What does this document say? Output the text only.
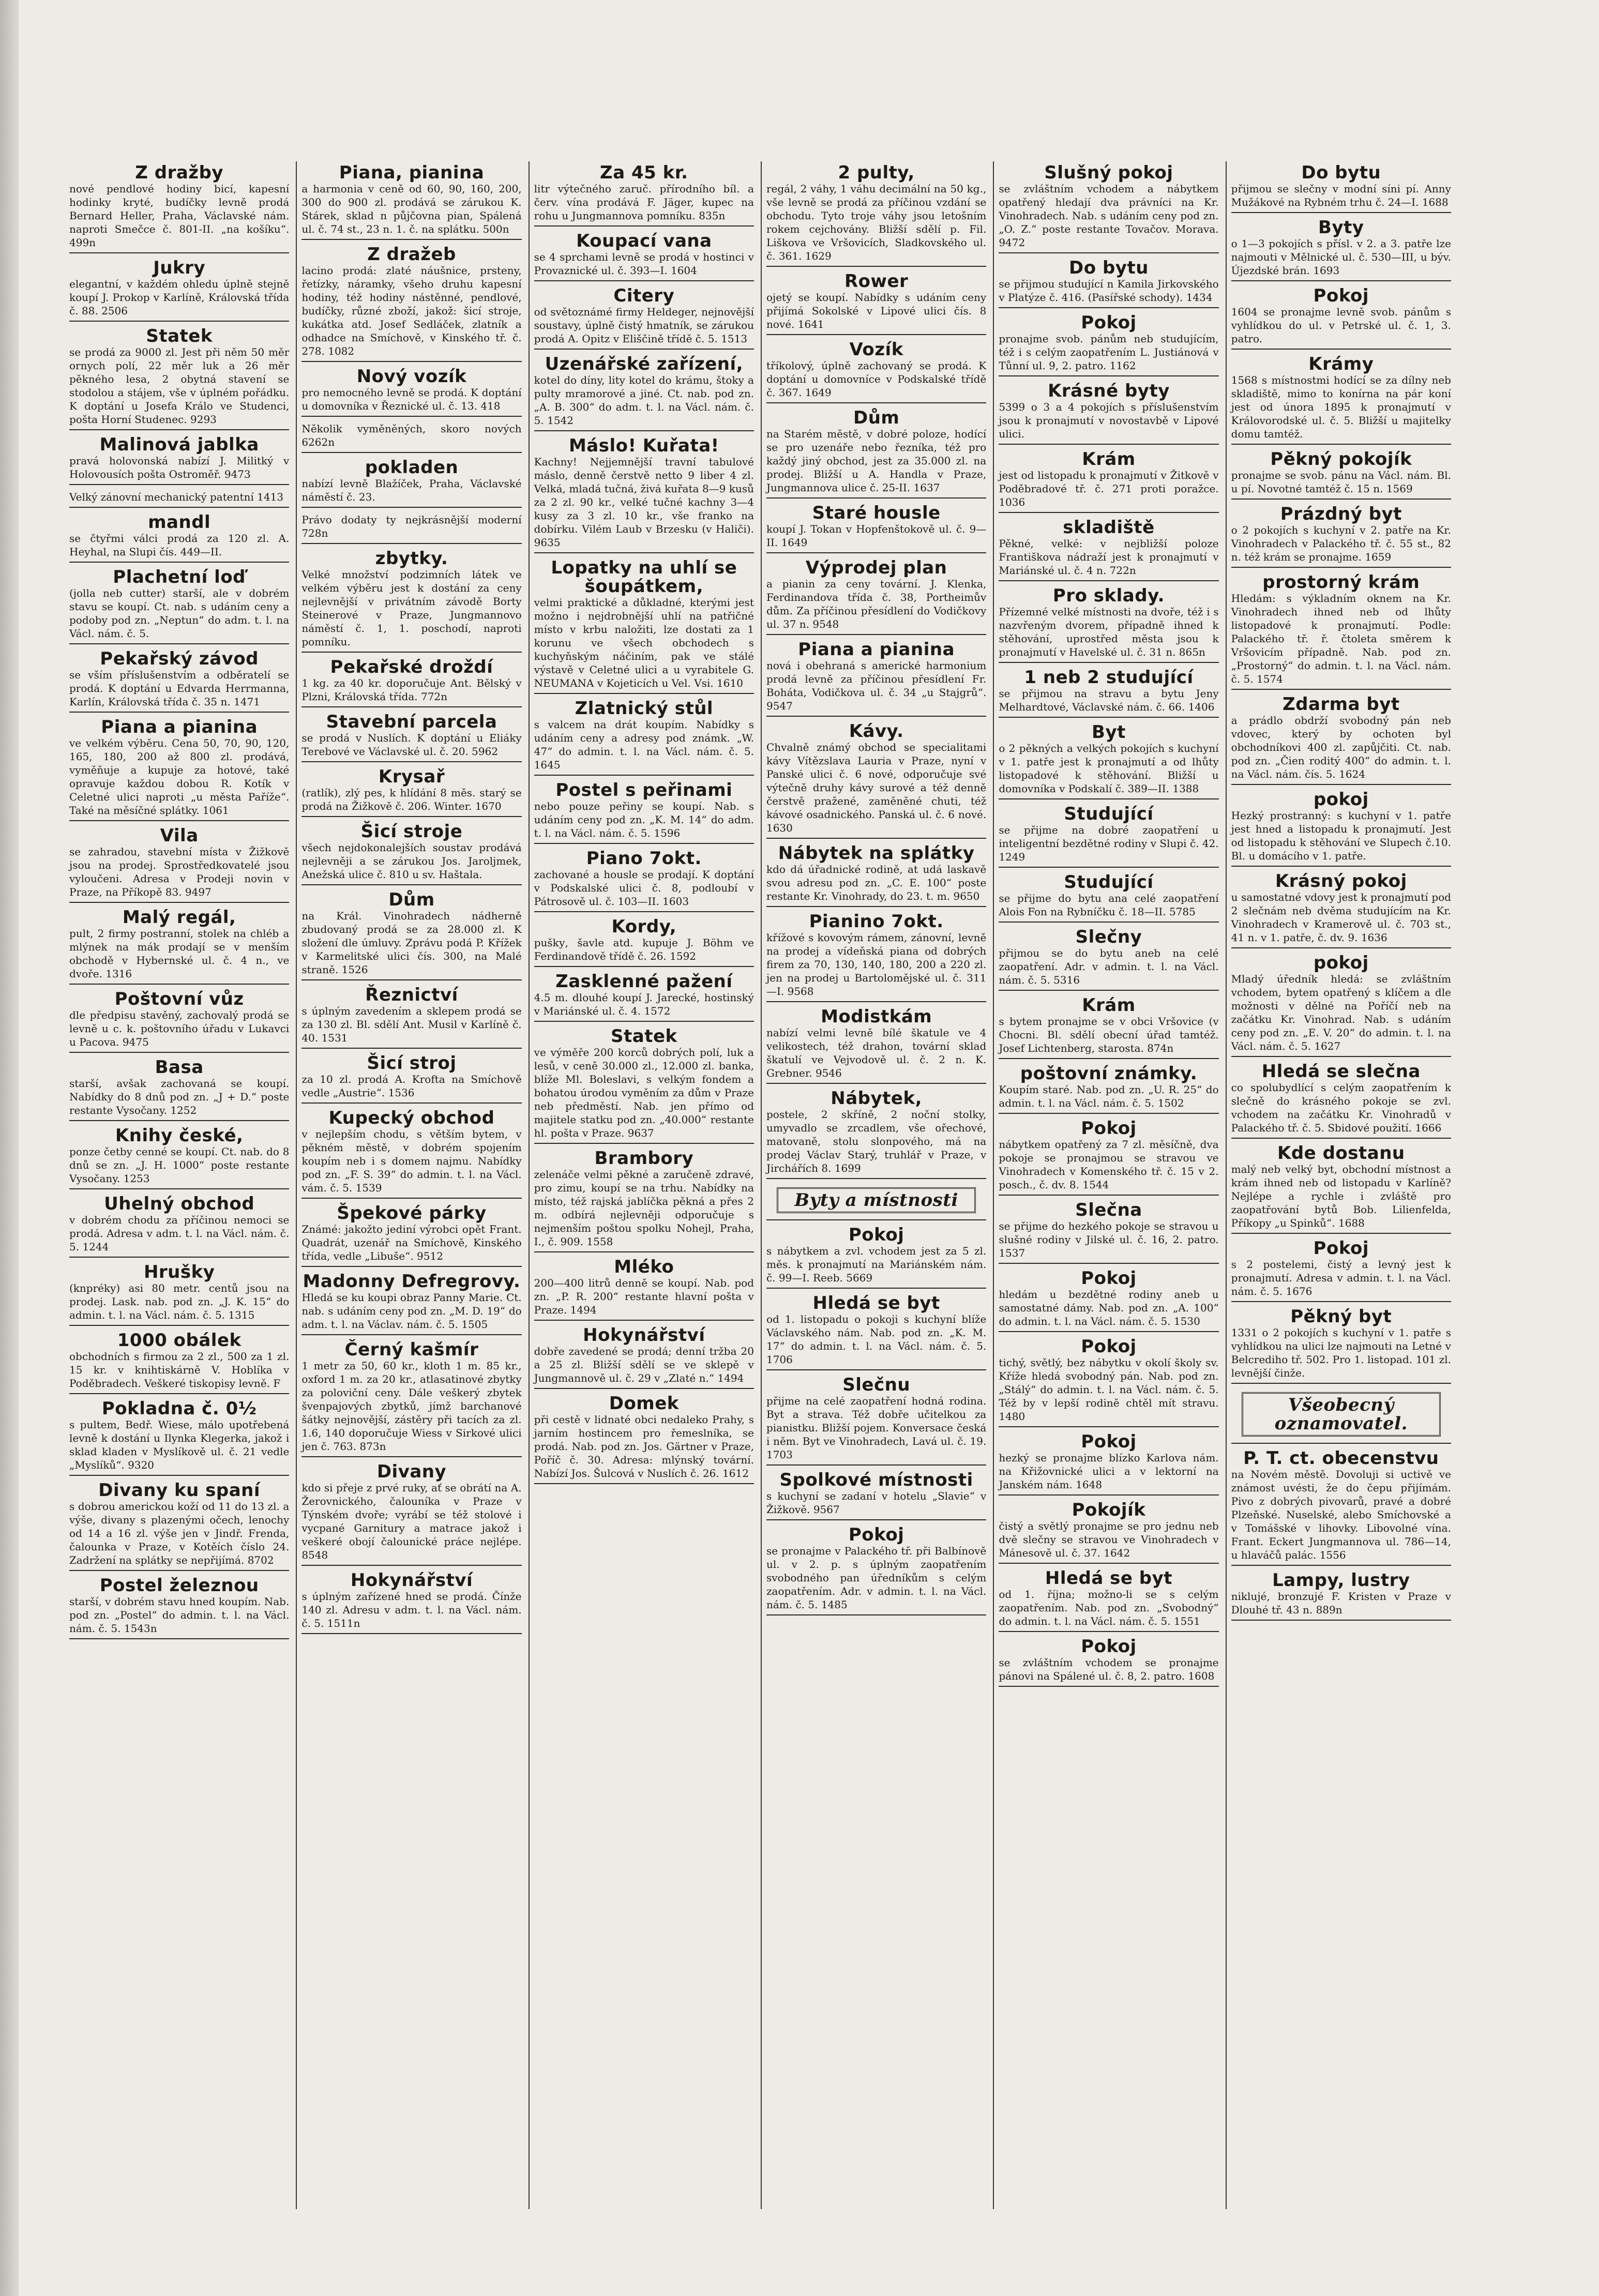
Z dražby

nové pendlové hodiny bicí, kapesní hodinky kryté, budíčky levně prodá Bernard Heller, Praha, Václavské nám. naproti Smečce č. 801-II. „na košíku“. 499n

Jukry

elegantní, v každém ohledu úplně stejně koupí J. Prokop v Karlíně, Královská třída č. 88. 2506

Statek

se prodá za 9000 zl. Jest při něm 50 měr ornych polí, 22 měr luk a 26 měr pěkného lesa, 2 obytná stavení se stodolou a stájem, vše v úplném pořádku. K doptání u Josefa Králo ve Studenci, pošta Horní Studenec. 9293

Malinová jablka

pravá holovonská nabízí J. Militký v Holovousích pošta Ostroměř. 9473

Velký zánovní mechanický patentní 1413

mandl

se čtyřmi válci prodá za 120 zl. A. Heyhal, na Slupi čís. 449—II.

Plachetní loď

(jolla neb cutter) starší, ale v dobrém stavu se koupí. Ct. nab. s udáním ceny a podoby pod zn. „Neptun“ do adm. t. l. na Václ. nám. č. 5.

Pekařský závod

se vším příslušenstvím a odběratelí se prodá. K doptání u Edvarda Herrmanna, Karlín, Královská třída č. 35 n. 1471

Piana a pianina

ve velkém výběru. Cena 50, 70, 90, 120, 165, 180, 200 až 800 zl. prodává, vyměňuje a kupuje za hotové, také opravuje každou dobou R. Kotík v Celetné ulici naproti „u města Paříže“. Také na měsíčné splátky. 1061

Vila

se zahradou, stavební místa v Žižkově jsou na prodej. Sprostředkovatelé jsou vyloučeni. Adresa v Prodeji novin v Praze, na Příkopě 83. 9497

Malý regál,

pult, 2 firmy postranní, stolek na chléb a mlýnek na mák prodají se v menším obchodě v Hybernské ul. č. 4 n., ve dvoře. 1316

Poštovní vůz

dle předpisu stavěný, zachovalý prodá se levně u c. k. poštovního úřadu v Lukavci u Pacova. 9475

Basa

starší, avšak zachovaná se koupí. Nabídky do 8 dnů pod zn. „J + D.“ poste restante Vysočany. 1252

Knihy české,

ponze četby cenné se koupí. Ct. nab. do 8 dnů se zn. „J. H. 1000“ poste restante Vysočany. 1253

Uhelný obchod

v dobrém chodu za příčinou nemoci se prodá. Adresa v adm. t. l. na Václ. nám. č. 5. 1244

Hrušky

(knpréky) asi 80 metr. centů jsou na prodej. Lask. nab. pod zn. „J. K. 15“ do admin. t. l. na Václ. nám. č. 5. 1315

1000 obálek

obchodních s firmou za 2 zl., 500 za 1 zl. 15 kr. v knihtiskárně V. Hoblíka v Poděbradech. Veškeré tiskopisy levně. F

Pokladna č. 0½

s pultem, Bedř. Wiese, málo upotřebená levně k dostání u Ilynka Klegerka, jakož i sklad kladen v Myslíkově ul. č. 21 vedle „Myslíků“. 9320

Divany ku spaní

s dobrou americkou koží od 11 do 13 zl. a výše, divany s plazenými očech, lenochy od 14 a 16 zl. výše jen v Jindř. Frenda, čalounka v Praze, v Kotěích číslo 24. Zadržení na splátky se nepřijímá. 8702

Postel železnou

starší, v dobrém stavu hned koupím. Nab. pod zn. „Postel“ do admin. t. l. na Václ. nám. č. 5. 1543n

Piana, pianina

a harmonia v ceně od 60, 90, 160, 200, 300 do 900 zl. prodává se zárukou K. Stárek, sklad n půjčovna pian, Spálená ul. č. 74 st., 23 n. 1. č. na splátku. 500n

Z dražeb

lacino prodá: zlaté náušnice, prsteny, řetízky, náramky, všeho druhu kapesní hodiny, též hodiny nástěnné, pendlové, budíčky, různé zboží, jakož: šicí stroje, kukátka atd. Josef Sedláček, zlatník a odhadce na Smíchově, v Kinského tř. č. 278. 1082

Nový vozík

pro nemocného levně se prodá. K doptání u domovníka v Řeznické ul. č. 13. 418

Několik vyměněných, skoro nových 6262n

pokladen

nabízí levně Blažíček, Praha, Václavské náměstí č. 23.

Právo dodaty ty nejkrásnější moderní 728n

zbytky.

Velké množství podzimních látek ve velkém výběru jest k dostání za ceny nejlevnější v privátním závodě Borty Steinerové v Praze, Jungmannovo náměstí č. 1, 1. poschodí, naproti pomníku.

Pekařské droždí

1 kg. za 40 kr. doporučuje Ant. Bělský v Plzni, Královská třída. 772n

Stavební parcela

se prodá v Nuslích. K doptání u Eliáky Terebové ve Václavské ul. č. 20. 5962

Krysař

(ratlík), zlý pes, k hlídání 8 měs. starý se prodá na Žižkově č. 206. Winter. 1670

Šicí stroje

všech nejdokonalejších soustav prodává nejlevněji a se zárukou Jos. Jaroljmek, Anežská ulice č. 810 u sv. Haštala.

Dům

na Král. Vinohradech nádherně zbudovaný prodá se za 28.000 zl. K složení dle úmluvy. Zprávu podá P. Křížek v Karmelitské ulici čís. 300, na Malé straně. 1526

Řeznictví

s úplným zavedením a sklepem prodá se za 130 zl. Bl. sdělí Ant. Musil v Karlíně č. 40. 1531

Šicí stroj

za 10 zl. prodá A. Krofta na Smíchově vedle „Austrie“. 1536

Kupecký obchod

v nejlepším chodu, s větším bytem, v pěkném městě, v dobrém spojením koupím neb i s domem najmu. Nabídky pod zn. „F. S. 39“ do admin. t. l. na Václ. vám. č. 5. 1539

Špekové párky

Známé: jakožto jediní výrobci opět Frant. Quadrát, uzenář na Smíchově, Kinského třída, vedle „Libuše“. 9512

Madonny Defregrovy.

Hledá se ku koupi obraz Panny Marie. Ct. nab. s udáním ceny pod zn. „M. D. 19“ do adm. t. l. na Václav. nám. č. 5. 1505

Černý kašmír

1 metr za 50, 60 kr., kloth 1 m. 85 kr., oxford 1 m. za 20 kr., atlasatinové zbytky za poloviční ceny. Dále veškerý zbytek švenpajových zbytků, jímž barchanové šátky nejnovější, zástěry při tacích za zl. 1.6, 140 doporučuje Wiess v Sirkové ulici jen č. 763. 873n

Divany

kdo si přeje z prvé ruky, ať se obrátí na A. Žerovnického, čalouníka v Praze v Týnském dvoře; vyrábí se též stolové i vycpané Garnitury a matrace jakož i veškeré obojí čalounické práce nejlépe. 8548

Hokynářství

s úplným zařízené hned se prodá. Čínže 140 zl. Adresu v adm. t. l. na Václ. nám. č. 5. 1511n

Za 45 kr.

litr výtečného zaruč. přírodního bíl. a červ. vína prodává F. Jäger, kupec na rohu u Jungmannova pomníku. 835n

Koupací vana

se 4 sprchami levně se prodá v hostinci v Provaznické ul. č. 393—I. 1604

Citery

od světoznámé firmy Heldeger, nejnovější soustavy, úplně čistý hmatník, se zárukou prodá A. Opitz v Eliščině třídě č. 5. 1513

Uzenářské zařízení,

kotel do díny, lity kotel do krámu, štoky a pulty mramorové a jiné. Ct. nab. pod zn. „A. B. 300“ do adm. t. l. na Václ. nám. č. 5. 1542

Máslo! Kuřata!

Kachny! Nejjemnější travní tabulové máslo, denně čerstvě netto 9 liber 4 zl. Velká, mladá tučná, živá kuřata 8—9 kusů za 2 zl. 90 kr., velké tučné kachny 3—4 kusy za 3 zl. 10 kr., vše franko na dobírku. Vilém Laub v Brzesku (v Haliči). 9635

Lopatky na uhlí se šoupátkem,

velmi praktické a důkladné, kterými jest možno i nejdrobnější uhlí na patřičné místo v krbu naložiti, lze dostati za 1 korunu ve všech obchodech s kuchyňským náčiním, pak ve stálé výstavě v Celetné ulici a u vyrabitele G. NEUMANA v Kojeticích u Vel. Vsi. 1610

Zlatnický stůl

s valcem na drát koupím. Nabídky s udáním ceny a adresy pod známk. „W. 47“ do admin. t. l. na Václ. nám. č. 5. 1645

Postel s peřinami

nebo pouze peřiny se koupí. Nab. s udáním ceny pod zn. „K. M. 14“ do adm. t. l. na Václ. nám. č. 5. 1596

Piano 7okt.

zachované a housle se prodají. K doptání v Podskalské ulici č. 8, podloubí v Pátrosově ul. č. 103—II. 1603

Kordy,

puškу, šavle atd. kupuje J. Böhm ve Ferdinandově třídě č. 26. 1592

Zasklenné pažení

4.5 m. dlouhé koupí J. Jarecké, hostinský v Mariánské ul. č. 4. 1572

Statek

ve výměře 200 korců dobrých polí, luk a lesů, v ceně 30.000 zl., 12.000 zl. banka, blíže Ml. Boleslavi, s velkým fondem a bohatou úrodou vyměním za dům v Praze neb předměstí. Nab. jen přímo od majitele statku pod zn. „40.000“ restante hl. pošta v Praze. 9637

Brambory

zelenáče velmi pěkné a zaručeně zdravé, pro zimu, koupí se na trhu. Nabídky na místo, též rajská jablíčka pěkná a přes 2 m. odbírá nejlevněji odporučuje s nejmenším poštou spolku Nohejl, Praha, I., č. 909. 1558

Mléko

200—400 litrů denně se koupí. Nab. pod zn. „P. R. 200“ restante hlavní pošta v Praze. 1494

Hokynářství

dobře zavedené se prodá; denní tržba 20 a 25 zl. Bližší sdělí se ve sklepě v Jungmannově ul. č. 29 v „Zlaté n.“ 1494

Domek

při cestě v lidnaté obci nedaleko Prahy, s jarním hostincem pro řemeslníka, se prodá. Nab. pod zn. Jos. Gärtner v Praze, Poříč č. 30. Adresa: mlýnský tovární. Nabízí Jos. Šulcová v Nuslích č. 26. 1612

2 pulty,

regál, 2 váhy, 1 váhu decimální na 50 kg., vše levně se prodá za příčinou vzdání se obchodu. Tyto troje váhy jsou letošním rokem cejchovány. Bližší sdělí p. Fil. Liškova ve Vršovicích, Sladkovského ul. č. 361. 1629

Rower

ojetý se koupí. Nabídky s udáním ceny přijímá Sokolské v Lipové ulici čís. 8 nové. 1641

Vozík

tříkolový, úplně zachovaný se prodá. K doptání u domovníce v Podskalské třídě č. 367. 1649

Dům

na Starém městě, v dobré poloze, hodící se pro uzenáře nebo řezníka, též pro každý jiný obchod, jest za 35.000 zl. na prodej. Bližší u A. Handla v Praze, Jungmannova ulice č. 25-II. 1637

Staré housle

koupí J. Tokan v Hopfenštokově ul. č. 9—II. 1649

Výprodej plan

a pianin za ceny tovární. J. Klenka, Ferdinandova třída č. 38, Portheimův dům. Za příčinou přesídlení do Vodičkovy ul. 37 n. 9548

Piana a pianina

nová i obehraná s americké harmonium prodá levně za příčinou přesídlení Fr. Boháta, Vodičkova ul. č. 34 „u Stajgrů“. 9547

Kávy.

Chvalně známý obchod se specialitami kávy Vítězslava Lauria v Praze, nyní v Panské ulici č. 6 nové, odporučuje své výtečně druhy kávy surové a též denně čerstvě pražené, zaměněné chuti, též kávové osadnického. Panská ul. č. 6 nové. 1630

Nábytek na splátky

kdo dá úřadnické rodině, at udá laskavě svou adresu pod zn. „C. E. 100“ poste restante Kr. Vinohrady, do 23. t. m. 9650

Pianino 7okt.

křížové s kovovým rámem, zánovní, levně na prodej a vídeňská piana od dobrých firem za 70, 130, 140, 180, 200 a 220 zl. jen na prodej u Bartolomějské ul. č. 311—I. 9568

Modistkám

nabízí velmi levně bílé škatule ve 4 velikostech, též drahon, tovární sklad škatulí ve Vejvodově ul. č. 2 n. K. Grebner. 9546

Nábytek,

postele, 2 skříně, 2 noční stolky, umyvadlo se zrcadlem, vše ořechové, matovaně, stolu slonpového, má na prodej Václav Starý, truhlář v Praze, v Jirchářích 8. 1699

Byty a místnosti
Pokoj

s nábytkem a zvl. vchodem jest za 5 zl. měs. k pronajmutí na Mariánském nám. č. 99—I. Reeb. 5669

Hledá se byt

od 1. listopadu o pokoji s kuchyní blíže Václavského nám. Nab. pod zn. „K. M. 17“ do admin. t. l. na Václ. nám. č. 5. 1706

Slečnu

přijme na celé zaopatření hodná rodina. Byt a strava. Též dobře učitelkou za pianistku. Bližší pojem. Konversace česká i něm. Byt ve Vinohradech, Lavá ul. č. 19. 1703

Spolkové místnosti

s kuchyní se zadaní v hotelu „Slavie“ v Žižkově. 9567

Pokoj

se pronajme v Palackého tř. při Balbínově ul. v 2. p. s úplným zaopatřením svobodného pan úředníkům s celým zaopatřením. Adr. v admin. t. l. na Václ. nám. č. 5. 1485

Slušný pokoj

se zvláštním vchodem a nábytkem opatřený hledají dva právníci na Kr. Vinohradech. Nab. s udáním ceny pod zn. „O. Z.“ poste restante Tovačov. Morava. 9472

Do bytu

se přijmou studující n Kamila Jirkovského v Platýze č. 416. (Pasířské schody). 1434

Pokoj

pronajme svob. pánům neb studujícím, též i s celým zaopatřením L. Justiánová v Tůnní ul. 9, 2. patro. 1162

Krásné byty

5399 o 3 a 4 pokojích s příslušenstvím jsou k pronajmutí v novostavbě v Lipové ulici.

Krám

jest od listopadu k pronajmutí v Žitkově v Poděbradové tř. č. 271 proti poražce. 1036

skladiště

Pěkné, velké: v nejbližší poloze Františkova nádraží jest k pronajmutí v Mariánské ul. č. 4 n. 722n

Pro sklady.

Přízemné velké místnosti na dvoře, též i s nazvřeným dvorem, případně ihned k stěhování, uprostřed města jsou k pronajmutí v Havelské ul. č. 31 n. 865n

1 neb 2 studující

se přijmou na stravu a bytu Jeny Melhardtové, Václavské nám. č. 66. 1406

Byt

o 2 pěkných a velkých pokojích s kuchyní v 1. patře jest k pronajmutí a od lhůty listopadové k stěhování. Bližší u domovníka v Podskalí č. 389—II. 1388

Studující

se přijme na dobré zaopatření u inteligentní bezdětné rodiny v Slupi č. 42. 1249

Studující

se přijme do bytu ana celé zaopatření Alois Fon na Rybníčku č. 18—II. 5785

Slečny

přijmou se do bytu aneb na celé zaopatření. Adr. v admin. t. l. na Václ. nám. č. 5. 5316

Krám

s bytem pronajme se v obci Vršovice (v Chocni. Bl. sdělí obecní úřad tamtéž. Josef Lichtenberg, starosta. 874n

poštovní známky.

Koupím staré. Nab. pod zn. „U. R. 25“ do admin. t. l. na Václ. nám. č. 5. 1502

Pokoj

nábytkem opatřený za 7 zl. měsíčně, dva pokoje se pronajmou se stravou ve Vinohradech v Komenského tř. č. 15 v 2. posch., č. dv. 8. 1544

Slečna

se přijme do hezkého pokoje se stravou u slušné rodiny v Jilské ul. č. 16, 2. patro. 1537

Pokoj

hledám u bezdětné rodiny aneb u samostatné dámy. Nab. pod zn. „A. 100“ do admin. t. l. na Václ. nám. č. 5. 1530

Pokoj

tichý, světlý, bez nábytku v okolí školy sv. Kříže hledá svobodný pán. Nab. pod zn. „Stálý“ do admin. t. l. na Václ. nám. č. 5. Též by v lepší rodině chtěl mít stravu. 1480

Pokoj

hezký se pronajme blízko Karlova nám. na Křižovnické ulici a v lektorní na Janském nám. 1648

Pokojík

čistý a světlý pronajme se pro jednu neb dvě slečny se stravou ve Vinohradech v Mánesově ul. č. 37. 1642

Hledá se byt

od 1. října; možno-li se s celým zaopatřením. Nab. pod zn. „Svobodný“ do admin. t. l. na Václ. nám. č. 5. 1551

Pokoj

se zvláštním vchodem se pronajme pánovi na Spálené ul. č. 8, 2. patro. 1608

Do bytu

přijmou se slečny v modní síni pí. Anny Mužákové na Rybném trhu č. 24—I. 1688

Byty

o 1—3 pokojích s přísl. v 2. a 3. patře lze najmouti v Mělnické ul. č. 530—III, u býv. Újezdské brán. 1693

Pokoj

1604 se pronajme levně svob. pánům s vyhlídkou do ul. v Petrské ul. č. 1, 3. patro.

Krámy

1568 s místnostmi hodící se za dílny neb skladiště, mimo to konírna na pár koní jest od února 1895 k pronajmutí v Královorodské ul. č. 5. Bližší u majitelky domu tamtéž.

Pěkný pokojík

pronajme se svob. pánu na Václ. nám. Bl. u pí. Novotné tamtéž č. 15 n. 1569

Prázdný byt

o 2 pokojích s kuchyní v 2. patře na Kr. Vinohradech v Palackého tř. č. 55 st., 82 n. též krám se pronajme. 1659

prostorný krám

Hledám: s výkladním oknem na Kr. Vinohradech ihned neb od lhůty listopadové k pronajmutí. Podle: Palackého tř. ř. čtoleta směrem k Vršovicím případně. Nab. pod zn. „Prostorný“ do admin. t. l. na Václ. nám. č. 5. 1574

Zdarma byt

a prádlo obdrží svobodný pán neb vdovec, který by ochoten byl obchodníkovi 400 zl. zapůjčiti. Ct. nab. pod zn. „Čien roditý 400“ do admin. t. l. na Václ. nám. čís. 5. 1624

pokoj

Hezký prostranný: s kuchyní v 1. patře jest hned a listopadu k pronajmutí. Jest od listopadu k stěhování ve Slupech č.10. Bl. u domácího v 1. patře.

Krásný pokoj

u samostatné vdovy jest k pronajmutí pod 2 slečnám neb dvěma studujícím na Kr. Vinohradech v Kramerově ul. č. 703 st., 41 n. v 1. patře, č. dv. 9. 1636

pokoj

Mladý úředník hledá: se zvláštním vchodem, bytem opatřený s klíčem a dle možnosti v dělné na Poříčí neb na začátku Kr. Vinohrad. Nab. s udáním ceny pod zn. „E. V. 20“ do admin. t. l. na Václ. nám. č. 5. 1627

Hledá se slečna

co spolubydlící s celým zaopatřením k slečně do krásného pokoje se zvl. vchodem na začátku Kr. Vinohradů v Palackého tř. č. 5. Sbidové použití. 1666

Kde dostanu

malý neb velký byt, obchodní místnost a krám ihned neb od listopadu v Karlíně? Nejlépe a rychle i zvláště pro zaopatřování bytů Bob. Lilienfelda, Příkopy „u Spinků“. 1688

Pokoj

s 2 postelemi, čistý a levný jest k pronajmutí. Adresa v admin. t. l. na Václ. nám. č. 5. 1676

Pěkný byt

1331 o 2 pokojích s kuchyní v 1. patře s vyhlídkou na ulici lze najmouti na Letné v Belcrediho tř. 502. Pro 1. listopad. 101 zl. levnější činže.

Všeobecný oznamovatel.
P. T. ct. obecenstvu

na Novém městě. Dovoluji si uctivě ve známost uvésti, že do čepu přijímám. Pivo z dobrých pivovarů, pravé a dobré Plzeňské. Nuselské, alebo Smíchovské a v Tomášské v lihovky. Libovolné vína. Frant. Eckert Jungmannova ul. 786—14, u hlaváčů palác. 1556

Lampy, lustry

niklujé, bronzujé F. Kristen v Praze v Dlouhé tř. 43 n. 889n
